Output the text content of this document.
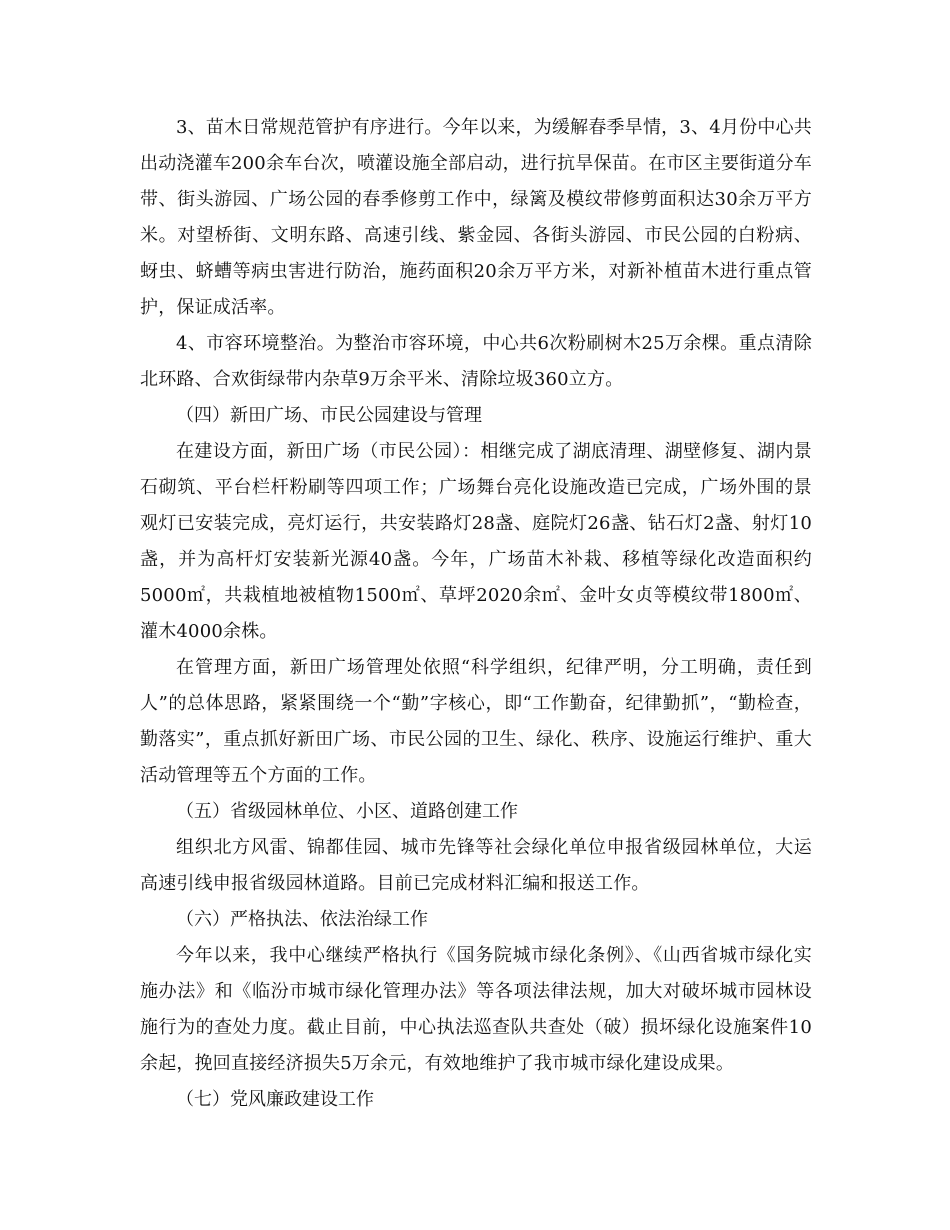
3、苗木日常规范管护有序进行。今年以来，为缓解春季旱情，3、4月份中心共出动浇灌车200余车台次，喷灌设施全部启动，进行抗旱保苗。在市区主要街道分车带、街头游园、广场公园的春季修剪工作中，绿篱及模纹带修剪面积达30余万平方米。对望桥街、文明东路、高速引线、紫金园、各街头游园、市民公园的白粉病、蚜虫、蛴螬等病虫害进行防治，施药面积20余万平方米，对新补植苗木进行重点管护，保证成活率。

4、市容环境整治。为整治市容环境，中心共6次粉刷树木25万余棵。重点清除北环路、合欢街绿带内杂草9万余平米、清除垃圾360立方。

（四）新田广场、市民公园建设与管理

在建设方面，新田广场（市民公园）：相继完成了湖底清理、湖壁修复、湖内景石砌筑、平台栏杆粉刷等四项工作；广场舞台亮化设施改造已完成，广场外围的景观灯已安装完成，亮灯运行，共安装路灯28盏、庭院灯26盏、钻石灯2盏、射灯10盏，并为高杆灯安装新光源40盏。今年，广场苗木补栽、移植等绿化改造面积约5000㎡，共栽植地被植物1500㎡、草坪2020余㎡、金叶女贞等模纹带1800㎡、灌木4000余株。

在管理方面，新田广场管理处依照“科学组织，纪律严明，分工明确，责任到人”的总体思路，紧紧围绕一个“勤”字核心，即“工作勤奋，纪律勤抓”，“勤检查，勤落实”，重点抓好新田广场、市民公园的卫生、绿化、秩序、设施运行维护、重大活动管理等五个方面的工作。

（五）省级园林单位、小区、道路创建工作

组织北方风雷、锦都佳园、城市先锋等社会绿化单位申报省级园林单位，大运高速引线申报省级园林道路。目前已完成材料汇编和报送工作。

（六）严格执法、依法治绿工作

今年以来，我中心继续严格执行《国务院城市绿化条例》、《山西省城市绿化实施办法》和《临汾市城市绿化管理办法》等各项法律法规，加大对破坏城市园林设施行为的查处力度。截止目前，中心执法巡查队共查处（破）损坏绿化设施案件10余起，挽回直接经济损失5万余元，有效地维护了我市城市绿化建设成果。

（七）党风廉政建设工作
